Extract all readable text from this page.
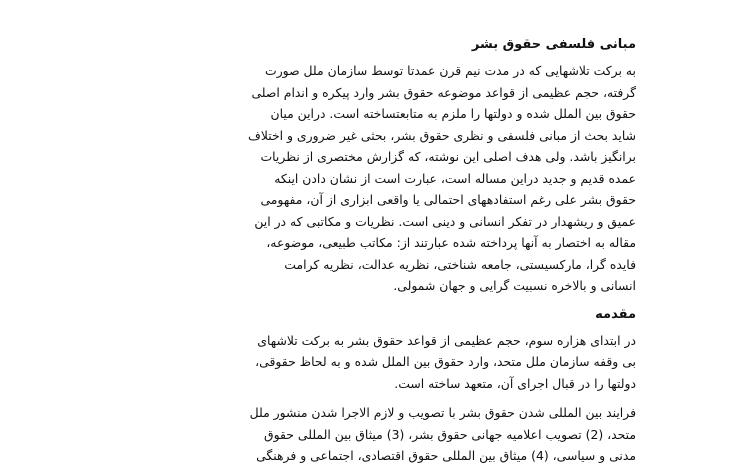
مبانی فلسفی حقوق بشر
به برکت تلاشهایی که در مدت نیم قرن عمدتا توسط سازمان ملل صورت
گرفته، حجم عظیمی از قواعد موضوعه حقوق بشر وارد پیکره و اندام اصلی
حقوق بین الملل شده و دولتها را ملزم به متابعتساخته است. دراین میان
شاید بحث از مبانی فلسفی و نظری حقوق بشر، بحثی غیر ضروری و اختلاف
برانگیز باشد. ولی هدف اصلی این نوشته، که گزارش مختصری از نظریات
عمده قدیم و جدید دراین مساله است، عبارت است از نشان دادن اینکه
حقوق بشر علی رغم استفادههای احتمالی یا واقعی ابزاری از آن، مفهومی
عمیق و ریشهدار در تفکر انسانی و دینی است. نظریات و مکاتبی که در این
مقاله به اختصار به آنها پرداخته شده عبارتند از: مکاتب طبیعی، موضوعه،
فایده گرا، مارکسیستی، جامعه شناختی، نظریه عدالت، نظریه کرامت
انسانی و بالاخره نسبیت گرایی و جهان شمولی.
مقدمه
در ابتدای هزاره سوم، حجم عظیمی از قواعد حقوق بشر به برکت تلاشهای
بی وقفه سازمان ملل متحد، وارد حقوق بین الملل شده و به لحاظ حقوقی،
دولتها را در قبال اجرای آن، متعهد ساخته است.
فرایند بین المللی شدن حقوق بشر با تصویب و لازم الاجرا شدن منشور ملل
متحد، (2) تصویب اعلامیه جهانی حقوق بشر، (3) میثاق بین المللی حقوق
مدنی و سیاسی، (4) میثاق بین المللی حقوق اقتصادی، اجتماعی و فرهنگی
